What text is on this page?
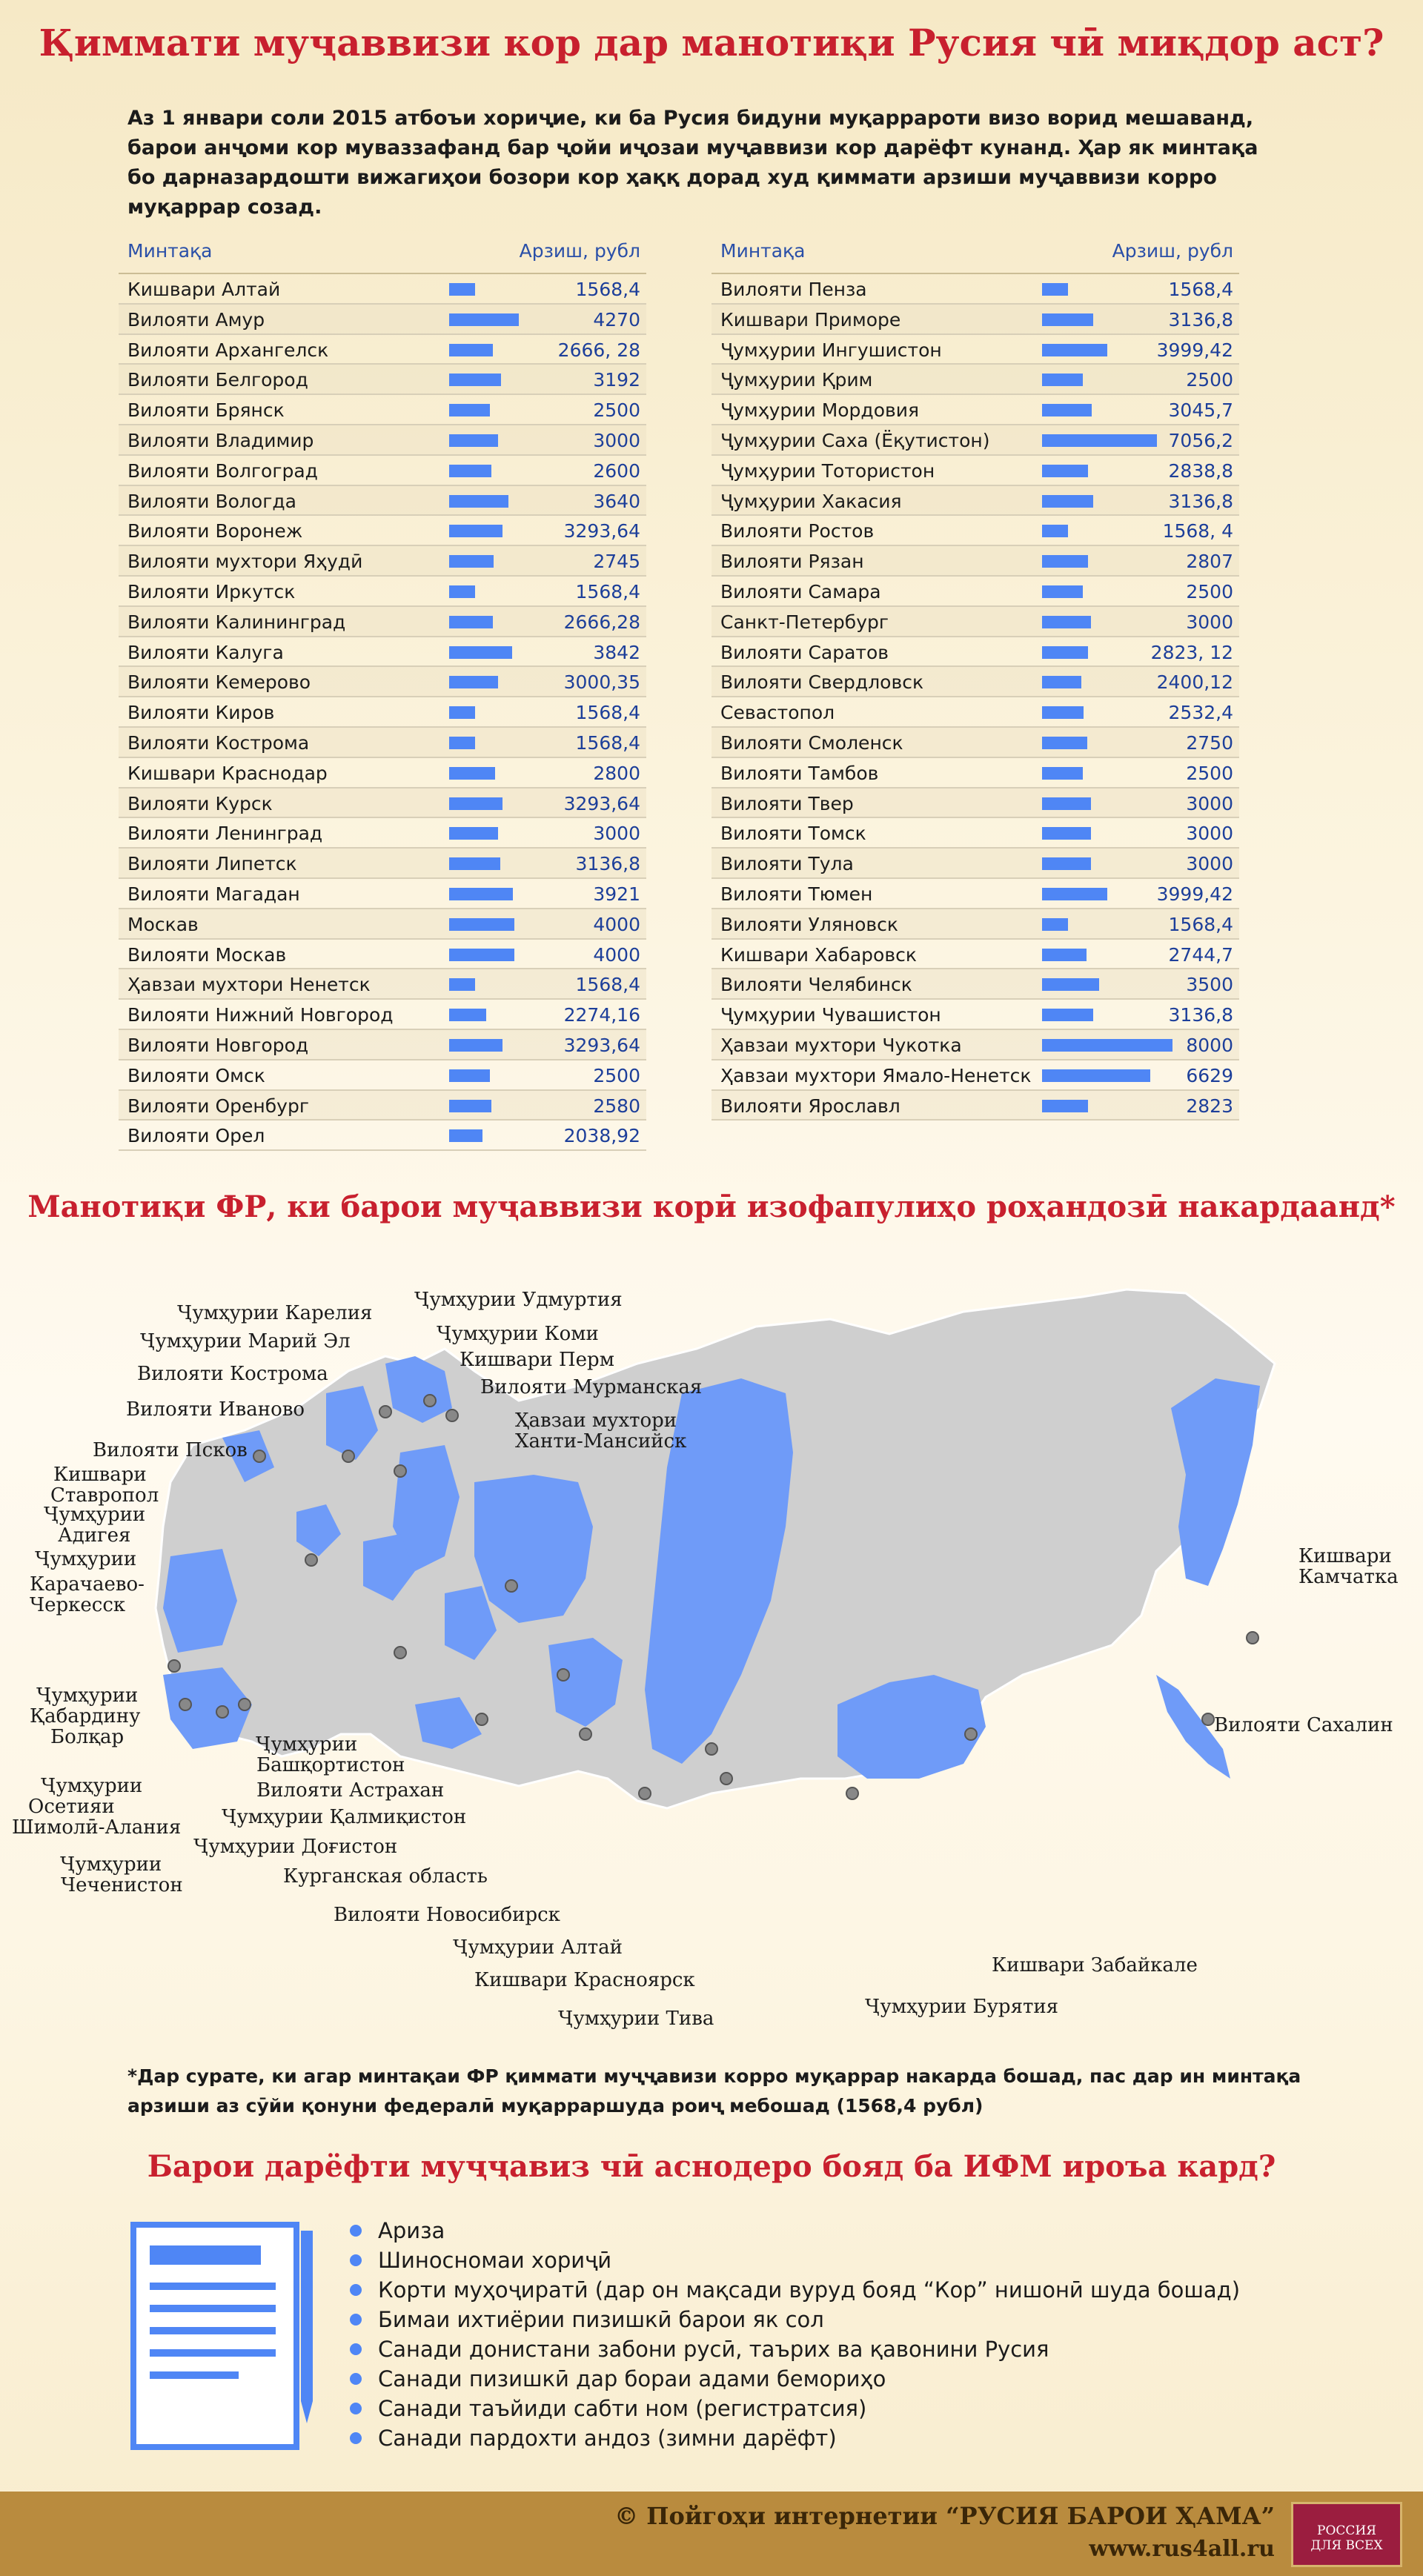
Қиммати муҷаввизи кор дар манотиқи Русия чӣ миқдор аст?

Аз 1 январи соли 2015 атбоъи хориҷие, ки ба Русия бидуни муқаррароти визо ворид мешаванд, барои анҷоми кор муваззафанд бар ҷойи иҷозаи муҷаввизи кор дарёфт кунанд. Ҳар як минтақа бо дарназардошти вижагиҳои бозори кор ҳаққ дорад худ қиммати арзиши муҷаввизи корро муқаррар созад.

Минтақа	Арзиш, рубл
Кишвари Алтай	1568,4
Вилояти Амур	4270
Вилояти Архангелск	2666, 28
Вилояти Белгород	3192
Вилояти Брянск	2500
Вилояти Владимир	3000
Вилояти Волгоград	2600
Вилояти Вологда	3640
Вилояти Воронеж	3293,64
Вилояти мухтори Яҳудӣ	2745
Вилояти Иркутск	1568,4
Вилояти Калининград	2666,28
Вилояти Калуга	3842
Вилояти Кемерово	3000,35
Вилояти Киров	1568,4
Вилояти Кострома	1568,4
Кишвари Краснодар	2800
Вилояти Курск	3293,64
Вилояти Ленинград	3000
Вилояти Липетск	3136,8
Вилояти Магадан	3921
Москав	4000
Вилояти Москав	4000
Ҳавзаи мухтори Ненетск	1568,4
Вилояти Нижний Новгород	2274,16
Вилояти Новгород	3293,64
Вилояти Омск	2500
Вилояти Оренбург	2580
Вилояти Орел	2038,92
Минтақа	Арзиш, рубл
Вилояти Пенза	1568,4
Кишвари Приморе	3136,8
Ҷумҳурии Ингушистон	3999,42
Ҷумҳурии Қрим	2500
Ҷумҳурии Мордовия	3045,7
Ҷумҳурии Саха (Ёқутистон)	7056,2
Ҷумҳурии Тотористон	2838,8
Ҷумҳурии Хакасия	3136,8
Вилояти Ростов	1568, 4
Вилояти Рязан	2807
Вилояти Самара	2500
Санкт-Петербург	3000
Вилояти Саратов	2823, 12
Вилояти Свердловск	2400,12
Севастопол	2532,4
Вилояти Смоленск	2750
Вилояти Тамбов	2500
Вилояти Твер	3000
Вилояти Томск	3000
Вилояти Тула	3000
Вилояти Тюмен	3999,42
Вилояти Уляновск	1568,4
Кишвари Хабаровск	2744,7
Вилояти Челябинск	3500
Ҷумҳурии Чувашистон	3136,8
Ҳавзаи мухтори Чукотка	8000
Ҳавзаи мухтори Ямало-Ненетск	6629
Вилояти Ярославл	2823
Манотиқи ФР, ки барои муҷаввизи корӣ изофапулиҳо роҳандозӣ накардаанд*
Ҷумҳурии Карелия
Ҷумҳурии Удмуртия
Ҷумҳурии Марий Эл	Ҷумҳурии Коми
Кишвари Перм
Вилояти Кострома
Вилояти Мурманская
Вилояти Иваново	Ҳавзаи мухтори
Ханти-Мансийск
Вилояти Псков
Кишвари
Ставропол
Ҷумҳурии
Адигея
Ҷумҳурии
Карачаево-
Черкесск
Кишвари
Камчатка
Ҷумҳурии
Қабардину
Болқар
Вилояти Сахалин
Ҷумҳурии
Башқортистон
Вилояти Астрахан
Ҷумҳурии
Осетияи
Шимолӣ-Алания Ҷумҳурии Қалмиқистон
Ҷумҳурии
Чеченистон
Ҷумҳурии Доғистон
Курганская область
Вилояти Новосибирск
Ҷумҳурии Алтай
Кишвари Забайкале
Кишвари Красноярск
Ҷумҳурии Бурятия
Ҷумҳурии Тива

*Дар сурате, ки агар минтақаи ФР қиммати муҷҷавизи корро муқаррар накарда бошад, пас дар ин минтақа арзиши аз сӯйи қонуни федералӣ муқарраршуда роиҷ мебошад (1568,4 рубл)

Барои дарёфти муҷҷавиз чӣ аснодеро бояд ба ИФМ ироъа кард?
Ариза
Шиносномаи хориҷӣ
Корти муҳоҷиратӣ (дар он мақсади вуруд бояд “Кор” нишонӣ шуда бошад)
Бимаи ихтиёрии пизишкӣ барои як сол
Санади донистани забони русӣ, таърих ва қавонини Русия
Санади пизишкӣ дар бораи адами бемориҳо
Санади таъйиди сабти ном (регистратсия)
Санади пардохти андоз (зимни дарёфт)
© Пойгоҳи интернетии “РУСИЯ БАРОИ ҲАМА”
www.rus4all.ru
РОССИЯ
ДЛЯ ВСЕХ
